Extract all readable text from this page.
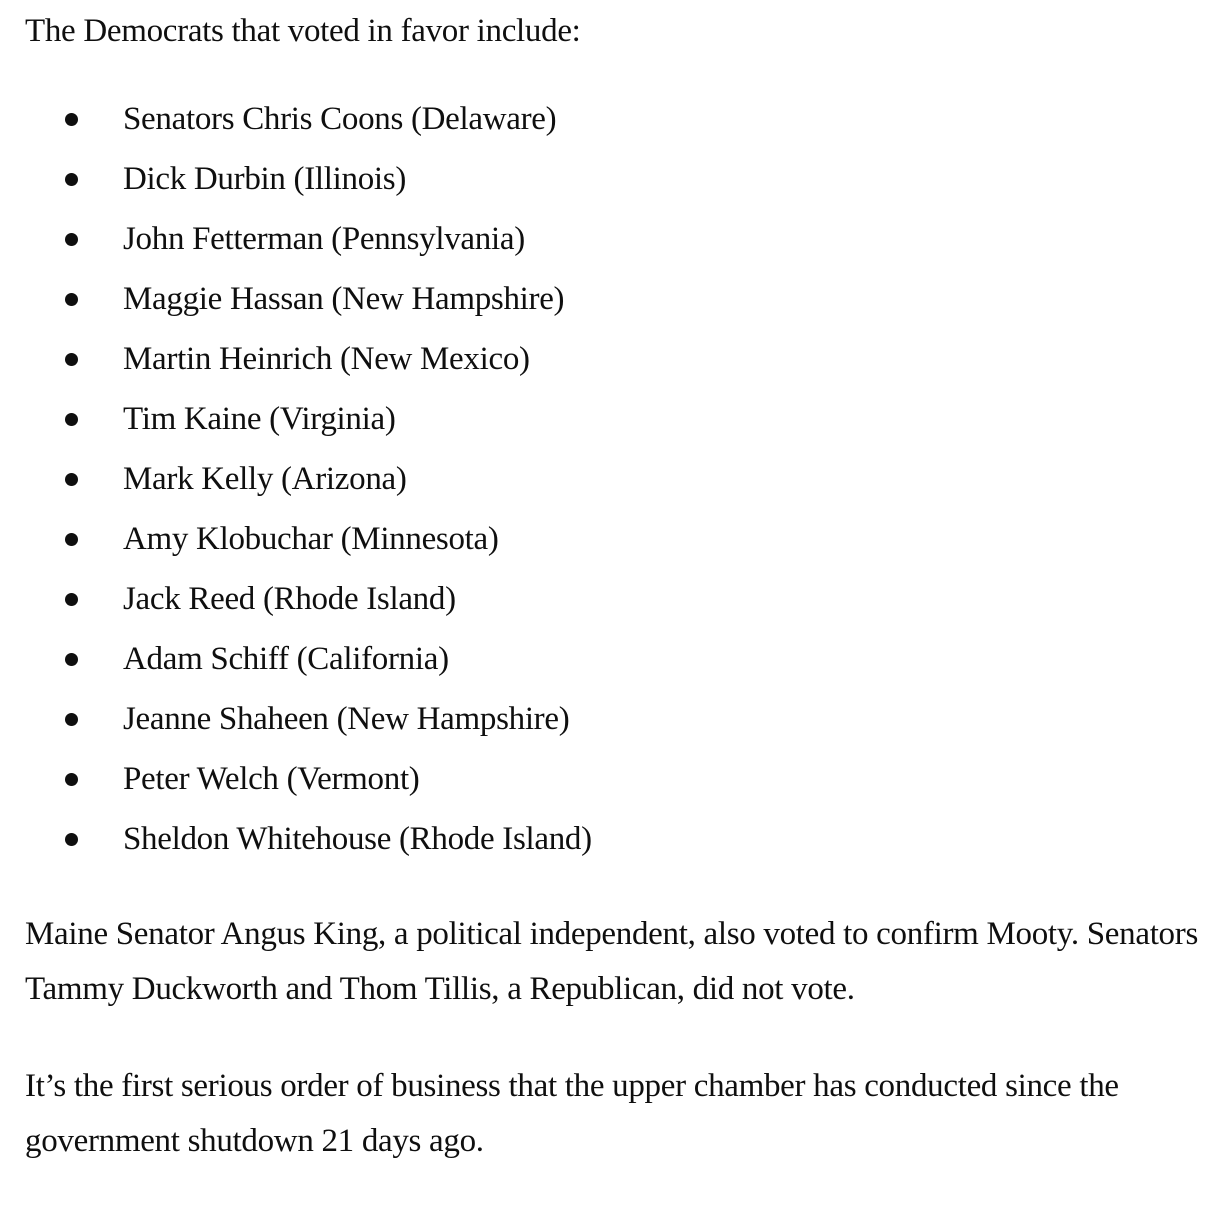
The Democrats that voted in favor include:

Senators Chris Coons (Delaware)
Dick Durbin (Illinois)
John Fetterman (Pennsylvania)
Maggie Hassan (New Hampshire)
Martin Heinrich (New Mexico)
Tim Kaine (Virginia)
Mark Kelly (Arizona)
Amy Klobuchar (Minnesota)
Jack Reed (Rhode Island)
Adam Schiff (California)
Jeanne Shaheen (New Hampshire)
Peter Welch (Vermont)
Sheldon Whitehouse (Rhode Island)

Maine Senator Angus King, a political independent, also voted to confirm Mooty. Senators Tammy Duckworth and Thom Tillis, a Republican, did not vote.

It’s the first serious order of business that the upper chamber has conducted since the government shutdown 21 days ago.
